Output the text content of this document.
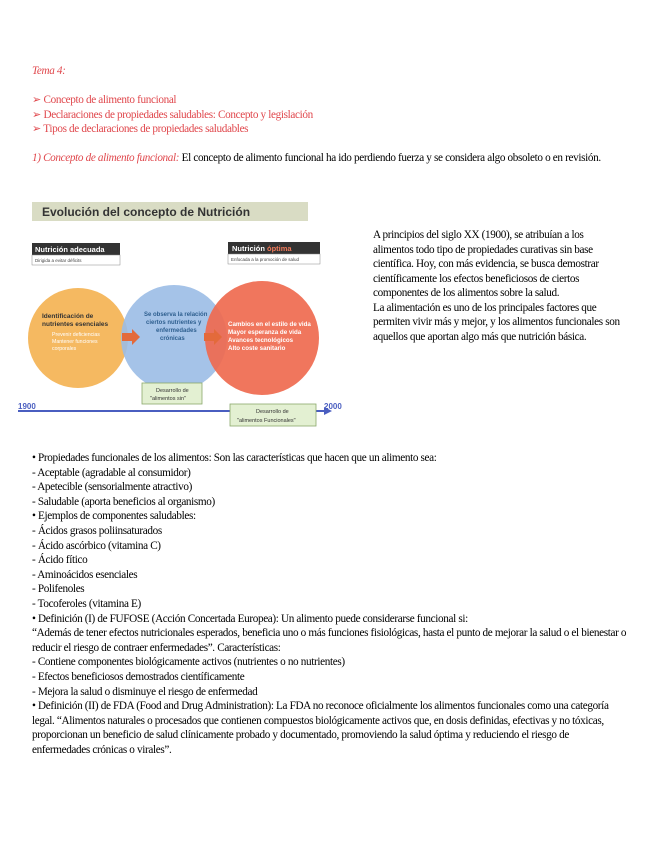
Tema 4:
➢ Concepto de alimento funcional
➢ Declaraciones de propiedades saludables: Concepto y legislación
➢ Tipos de declaraciones de propiedades saludables
1) Concepto de alimento funcional: El concepto de alimento funcional ha ido perdiendo fuerza y se considera algo obsoleto o en revisión.
Evolución del concepto de Nutrición
Nutrición adecuada
Dirigida a evitar déficits
Nutrición óptima
Enfocada a la promoción de salud
Identificación de
nutrientes esenciales
Prevenir deficiencias
Mantener funciones
corporales
Se observa la relación
ciertos nutrientes y
enfermedades
crónicas
Cambios en el estilo de vida
Mayor esperanza de vida
Avances tecnológicos
Alto coste sanitario
Desarrollo de
"alimentos sin"
1900	2000
Desarrollo de
"alimentos Funcionales"
A principios del siglo XX (1900), se atribuían a los alimentos todo tipo de propiedades curativas sin base científica. Hoy, con más evidencia, se busca demostrar científicamente los efectos beneficiosos de ciertos componentes de los alimentos sobre la salud.
La alimentación es uno de los principales factores que permiten vivir más y mejor, y los alimentos funcionales son aquellos que aportan algo más que nutrición básica.

• Propiedades funcionales de los alimentos: Son las características que hacen que un alimento sea:

- Aceptable (agradable al consumidor)

- Apetecible (sensorialmente atractivo)

- Saludable (aporta beneficios al organismo)

• Ejemplos de componentes saludables:

- Ácidos grasos poliinsaturados

- Ácido ascórbico (vitamina C)

- Ácido fítico

- Aminoácidos esenciales

- Polifenoles

- Tocoferoles (vitamina E)

• Definición (I) de FUFOSE (Acción Concertada Europea): Un alimento puede considerarse funcional si:

“Además de tener efectos nutricionales esperados, beneficia uno o más funciones fisiológicas, hasta el punto de mejorar la salud o el bienestar o reducir el riesgo de contraer enfermedades”. Características:

- Contiene componentes biológicamente activos (nutrientes o no nutrientes)

- Efectos beneficiosos demostrados científicamente

- Mejora la salud o disminuye el riesgo de enfermedad

• Definición (II) de FDA (Food and Drug Administration): La FDA no reconoce oficialmente los alimentos funcionales como una categoría legal. “Alimentos naturales o procesados que contienen compuestos biológicamente activos que, en dosis definidas, efectivas y no tóxicas, proporcionan un beneficio de salud clínicamente probado y documentado, promoviendo la salud óptima y reduciendo el riesgo de enfermedades crónicas o virales”.
